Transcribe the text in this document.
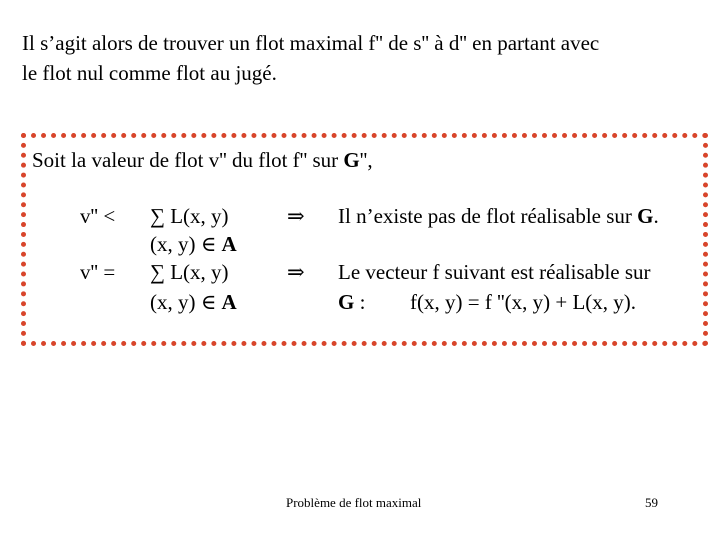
Il s’agit alors de trouver un flot maximal f'' de s'' à d'' en partant avec
le flot nul comme flot au jugé.
Soit la valeur de flot v'' du flot f'' sur G'',
v'' < ∑ L(x, y)
(x, y) ∈ A
⇒ Il n’existe pas de flot réalisable sur G.
v'' = ∑ L(x, y)
(x, y) ∈ A
⇒ Le vecteur f suivant est réalisable sur
G : f(x, y) = f ''(x, y) + L(x, y).
Problème de flot maximal	59
